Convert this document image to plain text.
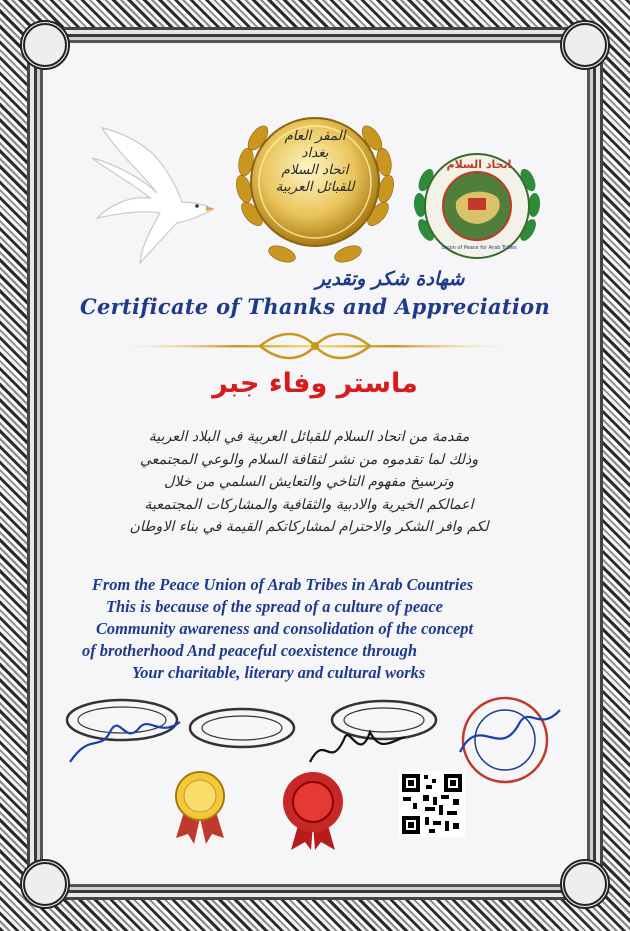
المقر العام
بغداد
اتحاد السلام
للقبائل العربية
اتحاد السلام
Union of Peace for Arab Tribes
شهادة شكر وتقدير
Certificate of Thanks and Appreciation
ماستر وفاء جبر
مقدمة من اتحاد السلام للقبائل العربية في البلاد العربية
وذلك لما تقدموه من نشر لثقافة السلام والوعي المجتمعي
وترسيخ مفهوم التاخي والتعايش السلمي من خلال
اعمالكم الخيرية والادبية والثقافية والمشاركات المجتمعية
لكم وافر الشكر والاحترام لمشاركاتكم القيمة في بناء الاوطان
From the Peace Union of Arab Tribes in Arab Countries
This is because of the spread of a culture of peace
Community awareness and consolidation of the concept
of brotherhood And peaceful coexistence through
Your charitable, literary and cultural works
